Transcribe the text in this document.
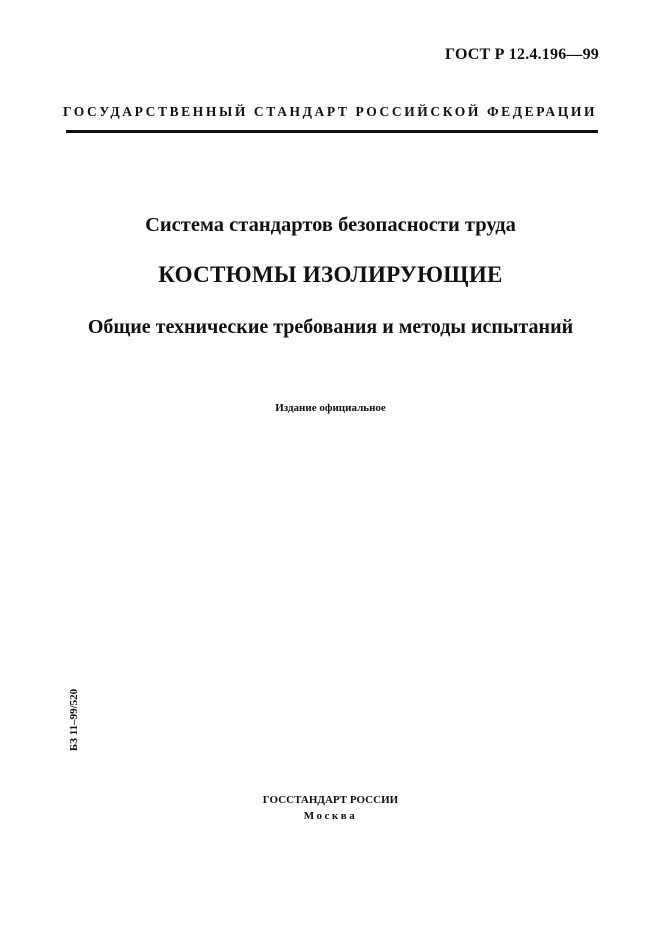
ГОСТ Р 12.4.196—99
ГОСУДАРСТВЕННЫЙ СТАНДАРТ РОССИЙСКОЙ ФЕДЕРАЦИИ
Система стандартов безопасности труда
КОСТЮМЫ ИЗОЛИРУЮЩИЕ
Общие технические требования и методы испытаний
Издание официальное
БЗ 11–99/520
ГОССТАНДАРТ РОССИИ
Москва
